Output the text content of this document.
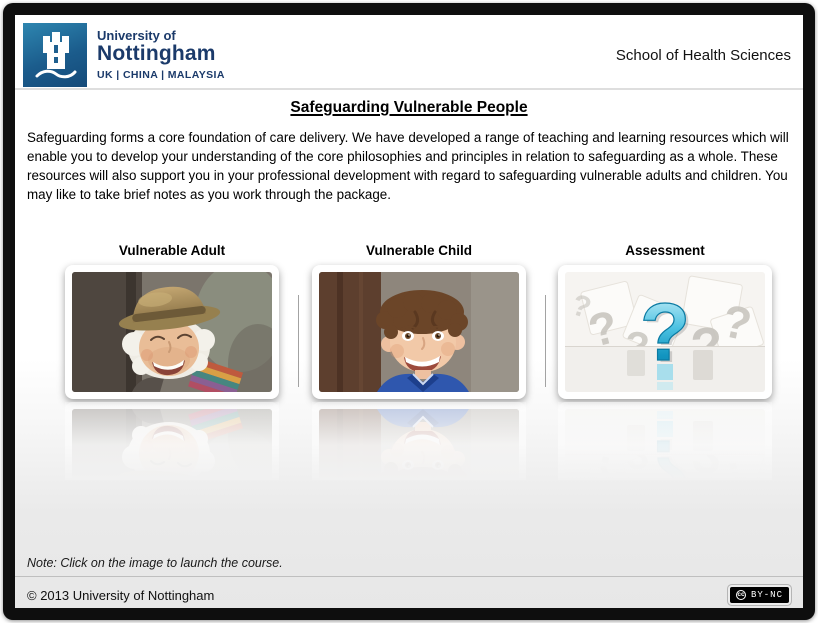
University of
Nottingham
UK | CHINA | MALAYSIA
School of Health Sciences
Safeguarding Vulnerable People
Safeguarding forms a core foundation of care delivery. We have developed a range of teaching and learning resources which will enable you to develop your understanding of the core philosophies and principles in relation to safeguarding as a whole. These resources will also support you in your professional development with regard to safeguarding vulnerable adults and children. You may like to take brief notes as you work through the package.
Vulnerable Adult	Vulnerable Child	Assessment
Note: Click on the image to launch the course.
© 2013 University of Nottingham	cc BY-NC
